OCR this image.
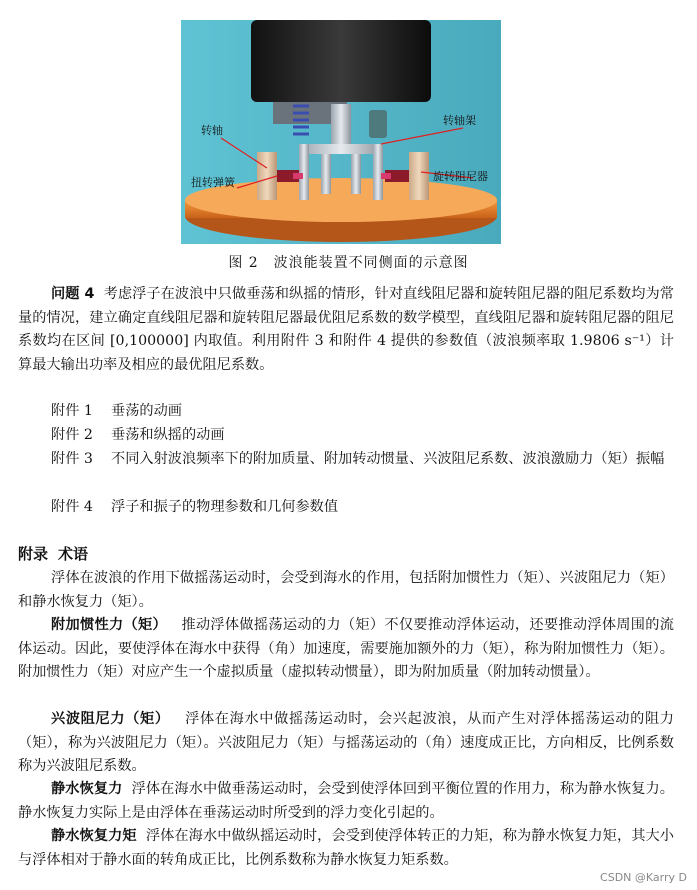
转轴
扭转弹簧
转轴架
旋转阻尼器
图 2　波浪能装置不同侧面的示意图

问题 4 考虑浮子在波浪中只做垂荡和纵摇的情形，针对直线阻尼器和旋转阻尼器的阻尼系数均为常量的情况，建立确定直线阻尼器和旋转阻尼器最优阻尼系数的数学模型，直线阻尼器和旋转阻尼器的阻尼系数均在区间 [0,100000] 内取值。利用附件 3 和附件 4 提供的参数值（波浪频率取 1.9806 s⁻¹）计算最大输出功率及相应的最优阻尼系数。

附件 1 垂荡的动画

附件 2 垂荡和纵摇的动画

附件 3 不同入射波浪频率下的附加质量、附加转动惯量、兴波阻尼系数、波浪激励力（矩）振幅

附件 4 浮子和振子的物理参数和几何参数值

附录 术语

浮体在波浪的作用下做摇荡运动时，会受到海水的作用，包括附加惯性力（矩）、兴波阻尼力（矩）和静水恢复力（矩）。

附加惯性力（矩） 推动浮体做摇荡运动的力（矩）不仅要推动浮体运动，还要推动浮体周围的流体运动。因此，要使浮体在海水中获得（角）加速度，需要施加额外的力（矩），称为附加惯性力（矩）。附加惯性力（矩）对应产生一个虚拟质量（虚拟转动惯量），即为附加质量（附加转动惯量）。

兴波阻尼力（矩） 浮体在海水中做摇荡运动时，会兴起波浪，从而产生对浮体摇荡运动的阻力（矩），称为兴波阻尼力（矩）。兴波阻尼力（矩）与摇荡运动的（角）速度成正比，方向相反，比例系数称为兴波阻尼系数。

静水恢复力 浮体在海水中做垂荡运动时，会受到使浮体回到平衡位置的作用力，称为静水恢复力。静水恢复力实际上是由浮体在垂荡运动时所受到的浮力变化引起的。

静水恢复力矩 浮体在海水中做纵摇运动时，会受到使浮体转正的力矩，称为静水恢复力矩，其大小与浮体相对于静水面的转角成正比，比例系数称为静水恢复力矩系数。

CSDN @Karry D
